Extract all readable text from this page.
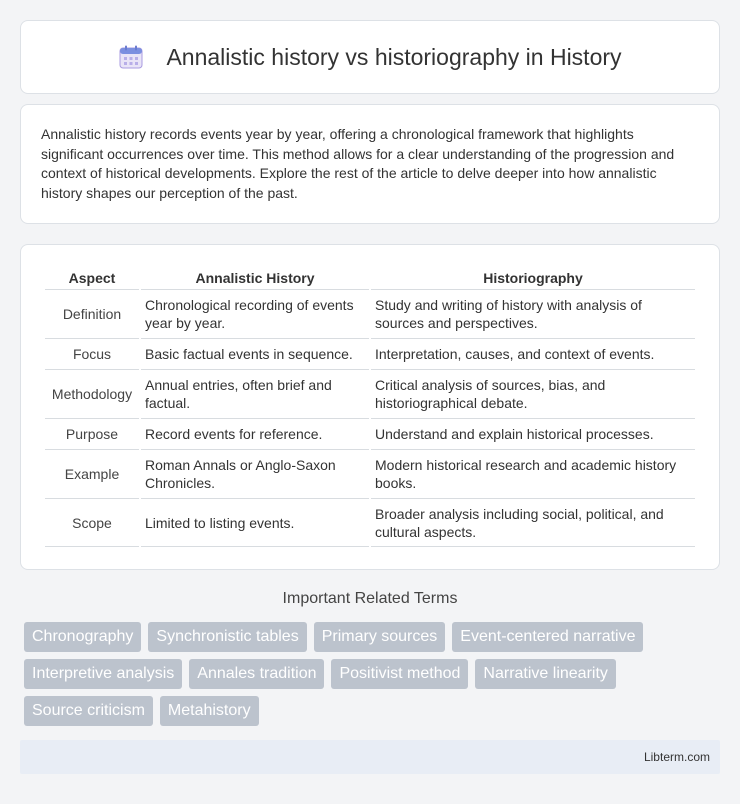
Annalistic history vs historiography in History

Annalistic history records events year by year, offering a chronological framework that highlights significant occurrences over time. This method allows for a clear understanding of the progression and context of historical developments. Explore the rest of the article to delve deeper into how annalistic history shapes our perception of the past.

Aspect	Annalistic History	Historiography
Definition	Chronological recording of events year by year.	Study and writing of history with analysis of sources and perspectives.
Focus	Basic factual events in sequence.	Interpretation, causes, and context of events.
Methodology	Annual entries, often brief and factual.	Critical analysis of sources, bias, and historiographical debate.
Purpose	Record events for reference.	Understand and explain historical processes.
Example	Roman Annals or Anglo-Saxon Chronicles.	Modern historical research and academic history books.
Scope	Limited to listing events.	Broader analysis including social, political, and cultural aspects.
Important Related Terms
Chronography	Synchronistic tables	Primary sources	Event-centered narrative
Interpretive analysis	Annales tradition	Positivist method	Narrative linearity
Source criticism	Metahistory
Libterm.com
